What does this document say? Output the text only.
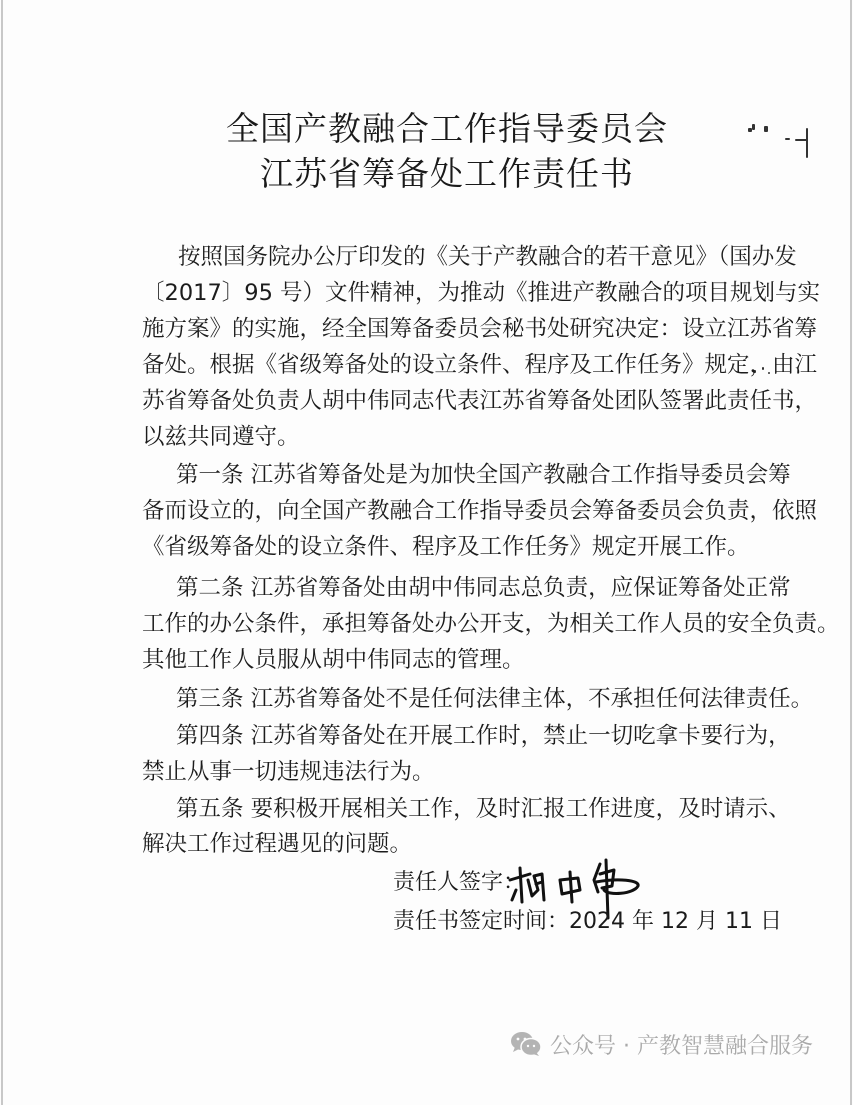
全国产教融合工作指导委员会
江苏省筹备处工作责任书
按照国务院办公厅印发的《关于产教融合的若干意见》（国办发
〔2017〕95 号）文件精神，为推动《推进产教融合的项目规划与实
施方案》的实施，经全国筹备委员会秘书处研究决定：设立江苏省筹
备处。根据《省级筹备处的设立条件、程序及工作任务》规定，由江
苏省筹备处负责人胡中伟同志代表江苏省筹备处团队签署此责任书，
以兹共同遵守。
第一条 江苏省筹备处是为加快全国产教融合工作指导委员会筹
备而设立的，向全国产教融合工作指导委员会筹备委员会负责，依照
《省级筹备处的设立条件、程序及工作任务》规定开展工作。
第二条 江苏省筹备处由胡中伟同志总负责，应保证筹备处正常
工作的办公条件，承担筹备处办公开支，为相关工作人员的安全负责。
其他工作人员服从胡中伟同志的管理。
第三条 江苏省筹备处不是任何法律主体，不承担任何法律责任。
第四条 江苏省筹备处在开展工作时，禁止一切吃拿卡要行为，
禁止从事一切违规违法行为。
第五条 要积极开展相关工作，及时汇报工作进度，及时请示、
解决工作过程遇见的问题。
责任人签字：
责任书签定时间：2024 年 12 月 11 日
公众号 · 产教智慧融合服务
